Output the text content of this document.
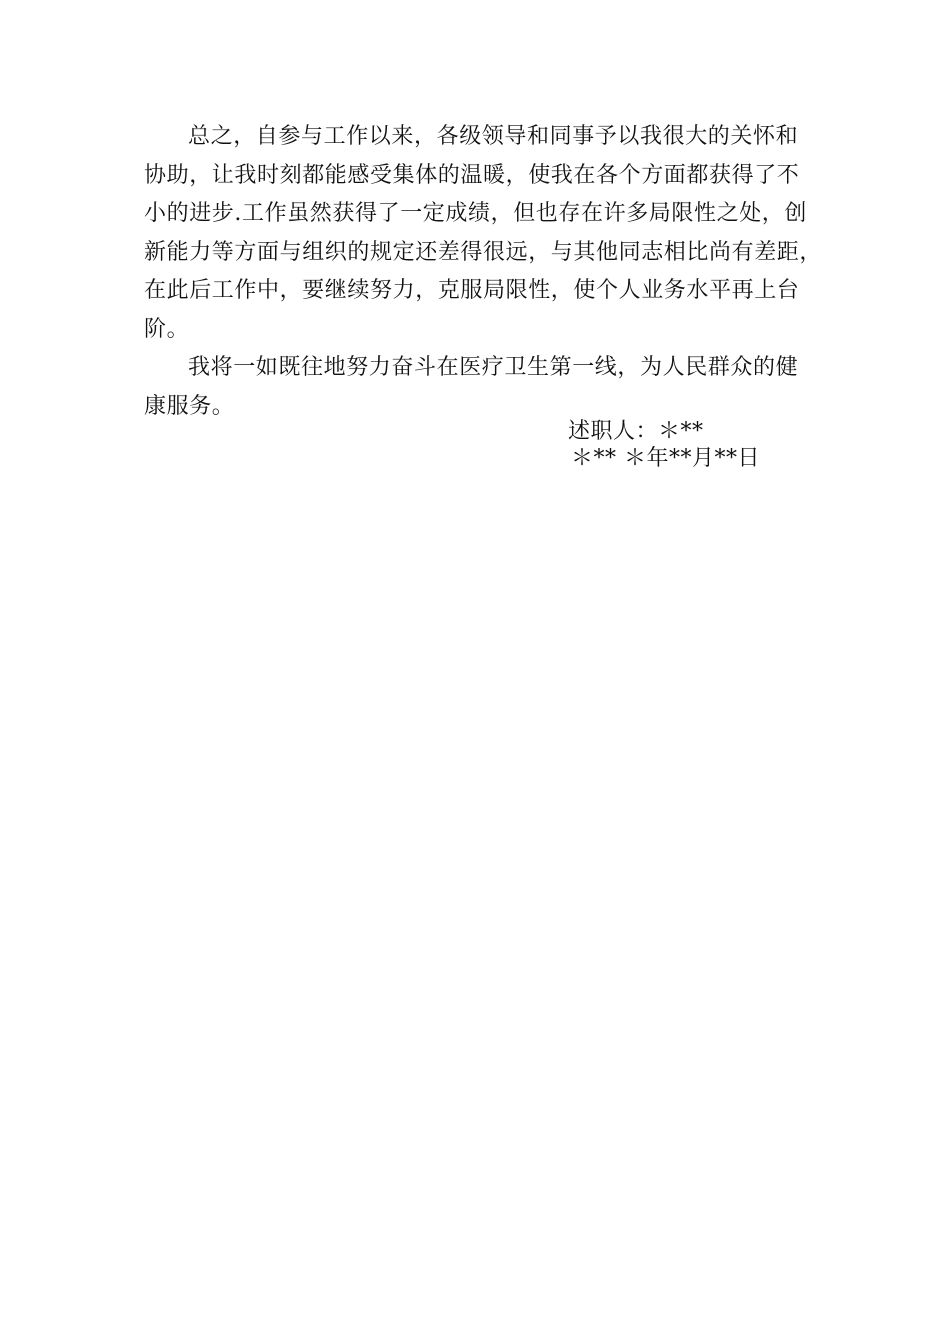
总之，自参与工作以来，各级领导和同事予以我很大的关怀和
协助，让我时刻都能感受集体的温暖，使我在各个方面都获得了不
小的进步.工作虽然获得了一定成绩，但也存在许多局限性之处，创
新能力等方面与组织的规定还差得很远，与其他同志相比尚有差距，
在此后工作中，要继续努力，克服局限性，使个人业务水平再上台
阶。

我将一如既往地努力奋斗在医疗卫生第一线，为人民群众的健
康服务。

述职人：＊**
＊** ＊年**月**日
